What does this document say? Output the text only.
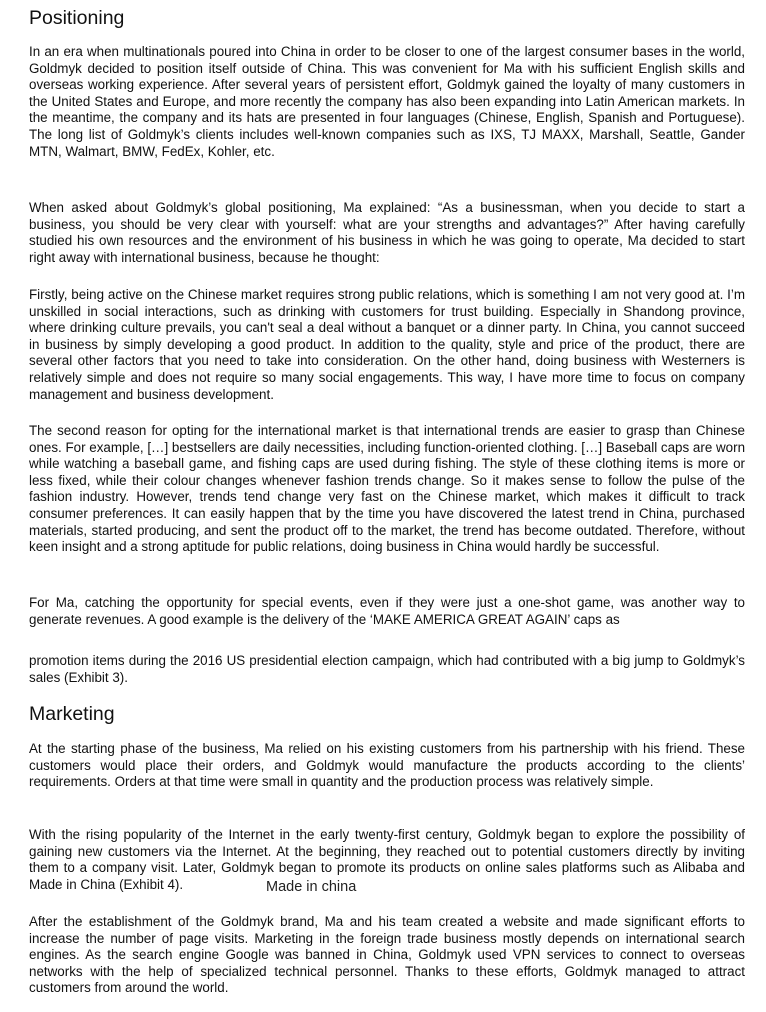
Positioning

In an era when multinationals poured into China in order to be closer to one of the largest consumer bases in the world, Goldmyk decided to position itself outside of China. This was convenient for Ma with his sufficient English skills and overseas working experience. After several years of persistent effort, Goldmyk gained the loyalty of many customers in the United States and Europe, and more recently the company has also been expanding into Latin American markets. In the meantime, the company and its hats are presented in four languages (Chinese, English, Spanish and Portuguese). The long list of Goldmyk’s clients includes well-known companies such as IXS, TJ MAXX, Marshall, Seattle, Gander MTN, Walmart, BMW, FedEx, Kohler, etc.

When asked about Goldmyk’s global positioning, Ma explained: “As a businessman, when you decide to start a business, you should be very clear with yourself: what are your strengths and advantages?” After having carefully studied his own resources and the environment of his business in which he was going to operate, Ma decided to start right away with international business, because he thought:

Firstly, being active on the Chinese market requires strong public relations, which is something I am not very good at. I’m unskilled in social interactions, such as drinking with customers for trust building. Especially in Shandong province, where drinking culture prevails, you can't seal a deal without a banquet or a dinner party. In China, you cannot succeed in business by simply developing a good product. In addition to the quality, style and price of the product, there are several other factors that you need to take into consideration. On the other hand, doing business with Westerners is relatively simple and does not require so many social engagements. This way, I have more time to focus on company management and business development.

The second reason for opting for the international market is that international trends are easier to grasp than Chinese ones. For example, […] bestsellers are daily necessities, including function-oriented clothing. […] Baseball caps are worn while watching a baseball game, and fishing caps are used during fishing. The style of these clothing items is more or less fixed, while their colour changes whenever fashion trends change. So it makes sense to follow the pulse of the fashion industry. However, trends tend change very fast on the Chinese market, which makes it difficult to track consumer preferences. It can easily happen that by the time you have discovered the latest trend in China, purchased materials, started producing, and sent the product off to the market, the trend has become outdated. Therefore, without keen insight and a strong aptitude for public relations, doing business in China would hardly be successful.

For Ma, catching the opportunity for special events, even if they were just a one-shot game, was another way to generate revenues. A good example is the delivery of the ‘MAKE AMERICA GREAT AGAIN’ caps as

promotion items during the 2016 US presidential election campaign, which had contributed with a big jump to Goldmyk’s sales (Exhibit 3).

Marketing

At the starting phase of the business, Ma relied on his existing customers from his partnership with his friend. These customers would place their orders, and Goldmyk would manufacture the products according to the clients’ requirements. Orders at that time were small in quantity and the production process was relatively simple.

With the rising popularity of the Internet in the early twenty-first century, Goldmyk began to explore the possibility of gaining new customers via the Internet. At the beginning, they reached out to potential customers directly by inviting them to a company visit. Later, Goldmyk began to promote its products on online sales platforms such as Alibaba and Made in China (Exhibit 4).	Made in china

After the establishment of the Goldmyk brand, Ma and his team created a website and made significant efforts to increase the number of page visits. Marketing in the foreign trade business mostly depends on international search engines. As the search engine Google was banned in China, Goldmyk used VPN services to connect to overseas networks with the help of specialized technical personnel. Thanks to these efforts, Goldmyk managed to attract customers from around the world.
